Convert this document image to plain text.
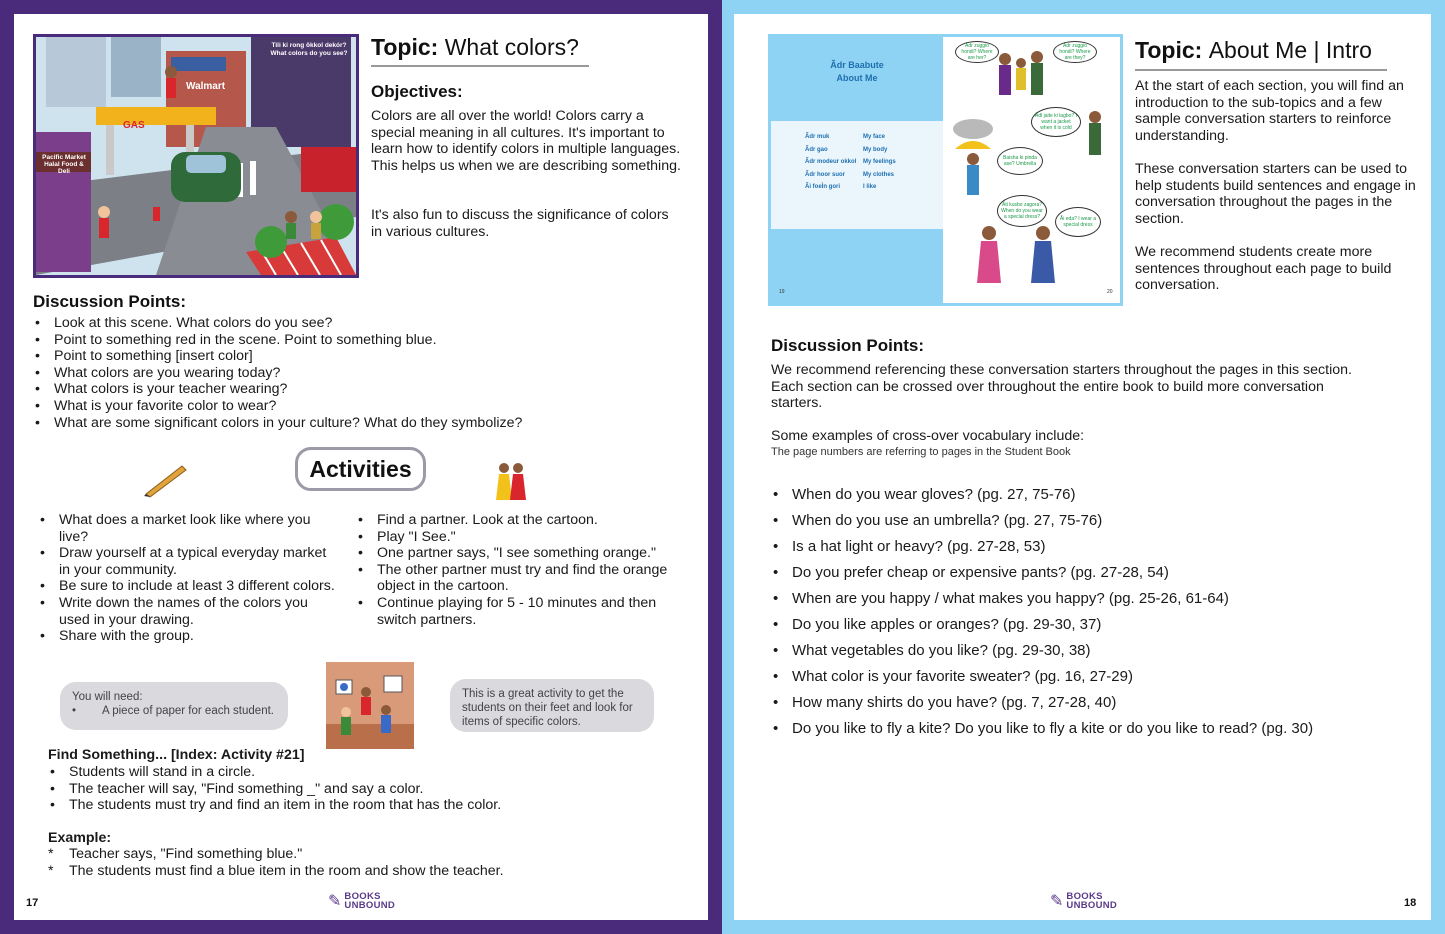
Walmart
GAS
Pacific Market
Halal Food & Deli
Tili ki rong ôkkol dekór?
What colors do you see? Topic: What colors?
Objectives:
Colors are all over the world! Colors carry a special meaning in all cultures. It's important to learn how to identify colors in multiple languages. This helps us when we are describing something.
It's also fun to discuss the significance of colors in various cultures.
Discussion Points:
• Look at this scene. What colors do you see?
• Point to something red in the scene. Point to something blue.
• Point to something [insert color]
• What colors are you wearing today?
• What colors is your teacher wearing?
• What is your favorite color to wear?
• What are some significant colors in your culture? What do they symbolize?
Activities
• What does a market look like where you live?
• Draw yourself at a typical everyday market in your community.
• Be sure to include at least 3 different colors.
• Write down the names of the colors you used in your drawing.
• Share with the group.
• Find a partner. Look at the cartoon.
• Play "I See."
• One partner says, "I see something orange."
• The other partner must try and find the orange object in the cartoon.
• Continue playing for 5 - 10 minutes and then switch partners.
You will need:
• A piece of paper for each student.
This is a great activity to get the students on their feet and look for items of specific colors.
Find Something... [Index: Activity #21]
• Students will stand in a circle.
• The teacher will say, "Find something _" and say a color.
• The students must try and find an item in the room that has the color.
Example:
* Teacher says, "Find something blue."
* The students must find a blue item in the room and show the teacher.
17	✎ BOOKS
UNBOUND
Ãdr Baabute
About Me
Ãdr muk	My face
Ãdr gao	My body
Ãdr modeur okkol	My feelings
Ãdr hoor suor	My clothes
Ãi foeÌn gori	I like
19
Ãdr zuggio hondi? Where are her?
Ãdr zuggio hondi? Where are they?
Ãdl jaite ki lagbo? I want a jacket when it is cold
Baisha ki pinda ase? Umbrella
Ãti kusbo zagora? When do you wear a special dress?	Ãi eda? I wear a special dress
20
Topic: About Me | Intro
At the start of each section, you will find an introduction to the sub-topics and a few sample conversation starters to reinforce understanding.
These conversation starters can be used to help students build sentences and engage in conversation throughout the pages in the section.
We recommend students create more sentences throughout each page to build conversation.
Discussion Points:
We recommend referencing these conversation starters throughout the pages in this section. Each section can be crossed over throughout the entire book to build more conversation starters.
Some examples of cross-over vocabulary include:
The page numbers are referring to pages in the Student Book
• When do you wear gloves? (pg. 27, 75-76)
• When do you use an umbrella? (pg. 27, 75-76)
• Is a hat light or heavy? (pg. 27-28, 53)
• Do you prefer cheap or expensive pants? (pg. 27-28, 54)
• When are you happy / what makes you happy? (pg. 25-26, 61-64)
• Do you like apples or oranges? (pg. 29-30, 37)
• What vegetables do you like? (pg. 29-30, 38)
• What color is your favorite sweater? (pg. 16, 27-29)
• How many shirts do you have? (pg. 7, 27-28, 40)
• Do you like to fly a kite? Do you like to fly a kite or do you like to read? (pg. 30)
✎ BOOKS
UNBOUND	18
